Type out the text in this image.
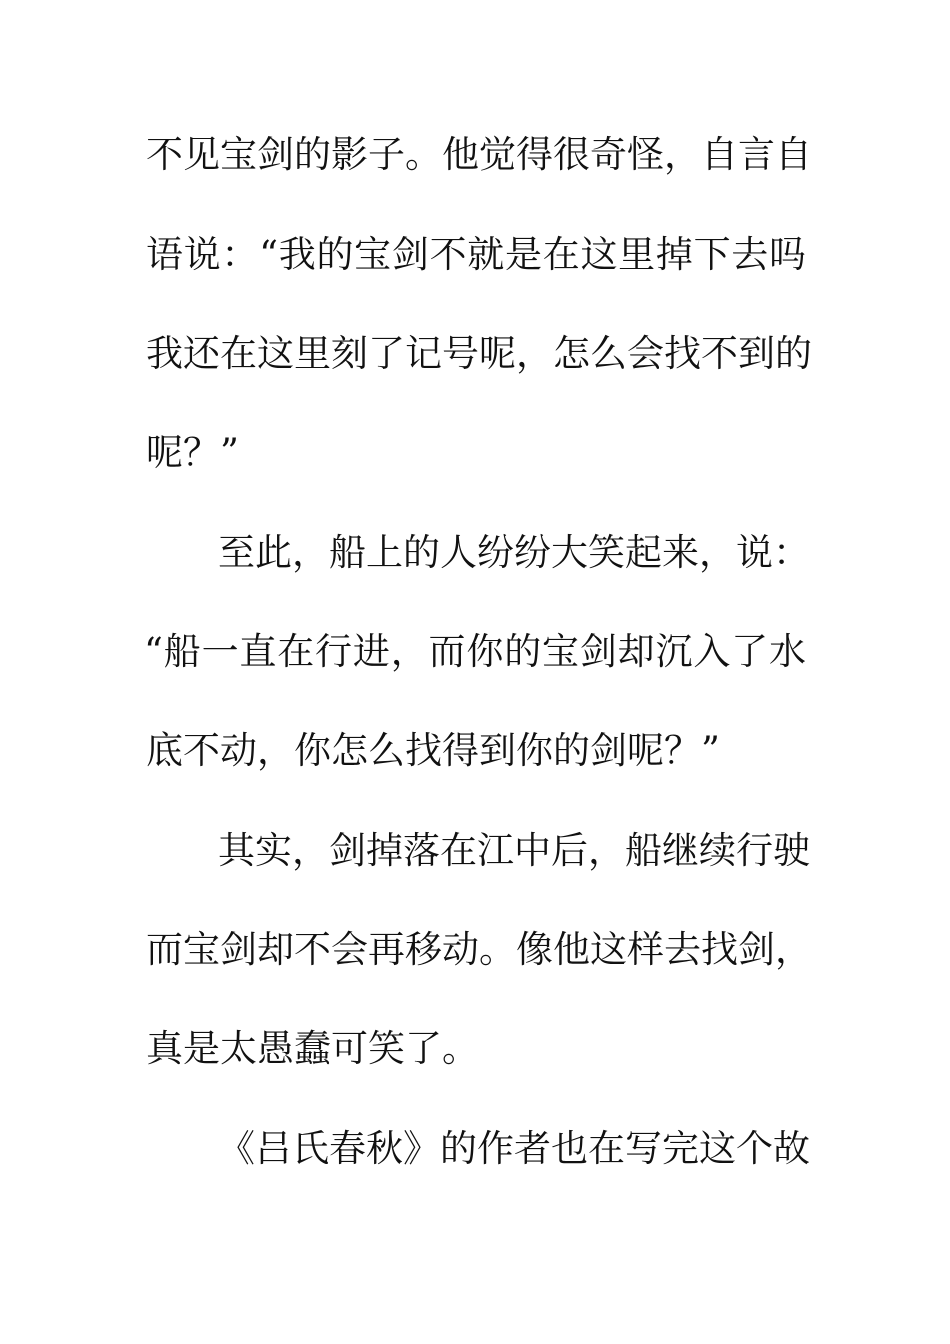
不见宝剑的影子。他觉得很奇怪，自言自
语说：“我的宝剑不就是在这里掉下去吗
我还在这里刻了记号呢，怎么会找不到的
呢？”
至此，船上的人纷纷大笑起来，说：
“船一直在行进，而你的宝剑却沉入了水
底不动，你怎么找得到你的剑呢？”
其实，剑掉落在江中后，船继续行驶
而宝剑却不会再移动。像他这样去找剑，
真是太愚蠢可笑了。
《吕氏春秋》的作者也在写完这个故
